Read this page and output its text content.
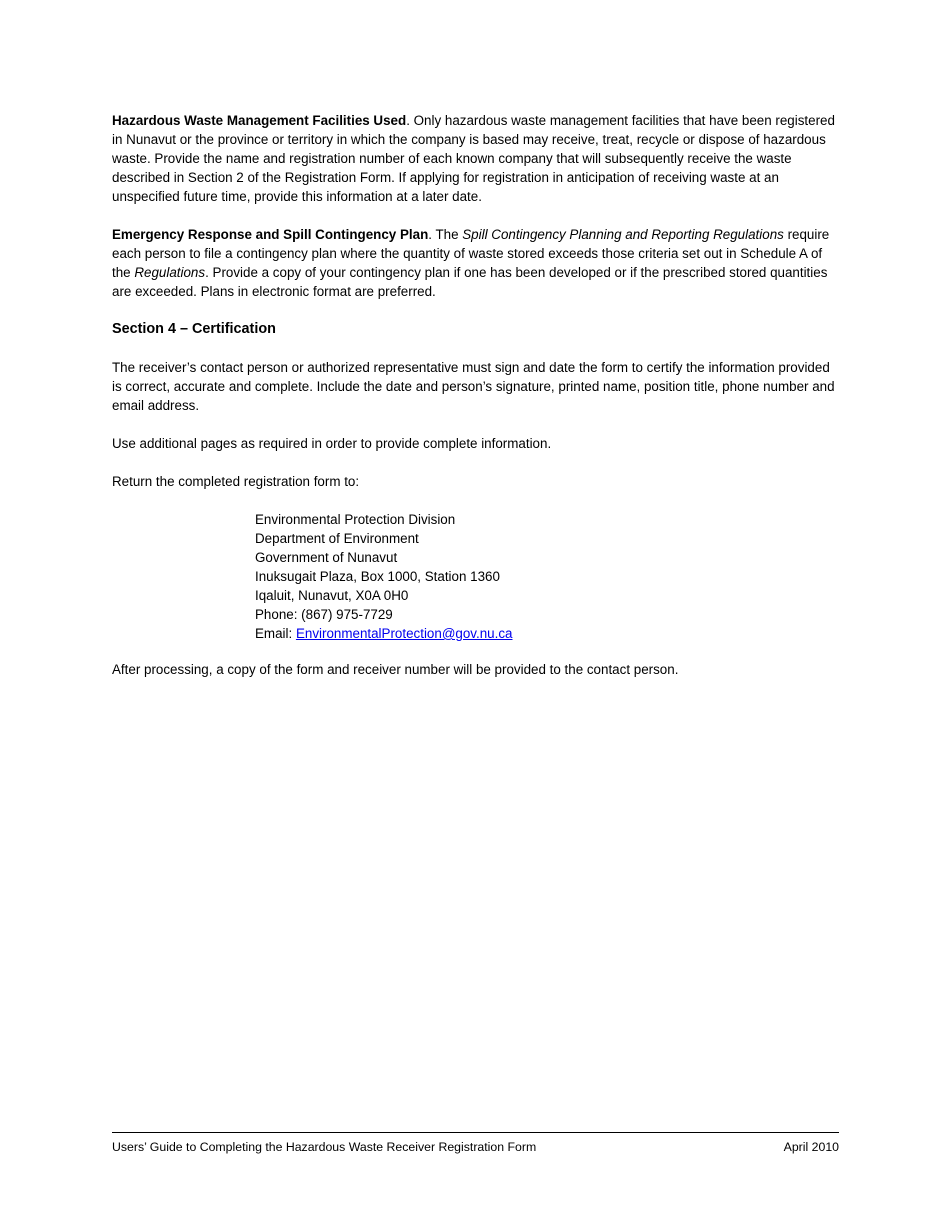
Hazardous Waste Management Facilities Used. Only hazardous waste management facilities that have been registered in Nunavut or the province or territory in which the company is based may receive, treat, recycle or dispose of hazardous waste. Provide the name and registration number of each known company that will subsequently receive the waste described in Section 2 of the Registration Form. If applying for registration in anticipation of receiving waste at an unspecified future time, provide this information at a later date.

Emergency Response and Spill Contingency Plan. The Spill Contingency Planning and Reporting Regulations require each person to file a contingency plan where the quantity of waste stored exceeds those criteria set out in Schedule A of the Regulations. Provide a copy of your contingency plan if one has been developed or if the prescribed stored quantities are exceeded. Plans in electronic format are preferred.

Section 4 – Certification

The receiver’s contact person or authorized representative must sign and date the form to certify the information provided is correct, accurate and complete. Include the date and person’s signature, printed name, position title, phone number and email address.

Use additional pages as required in order to provide complete information.

Return the completed registration form to:

Environmental Protection Division
Department of Environment
Government of Nunavut
Inuksugait Plaza, Box 1000, Station 1360
Iqaluit, Nunavut, X0A 0H0
Phone: (867) 975-7729
Email: EnvironmentalProtection@gov.nu.ca

After processing, a copy of the form and receiver number will be provided to the contact person.

Users’ Guide to Completing the Hazardous Waste Receiver Registration Form	April 2010
